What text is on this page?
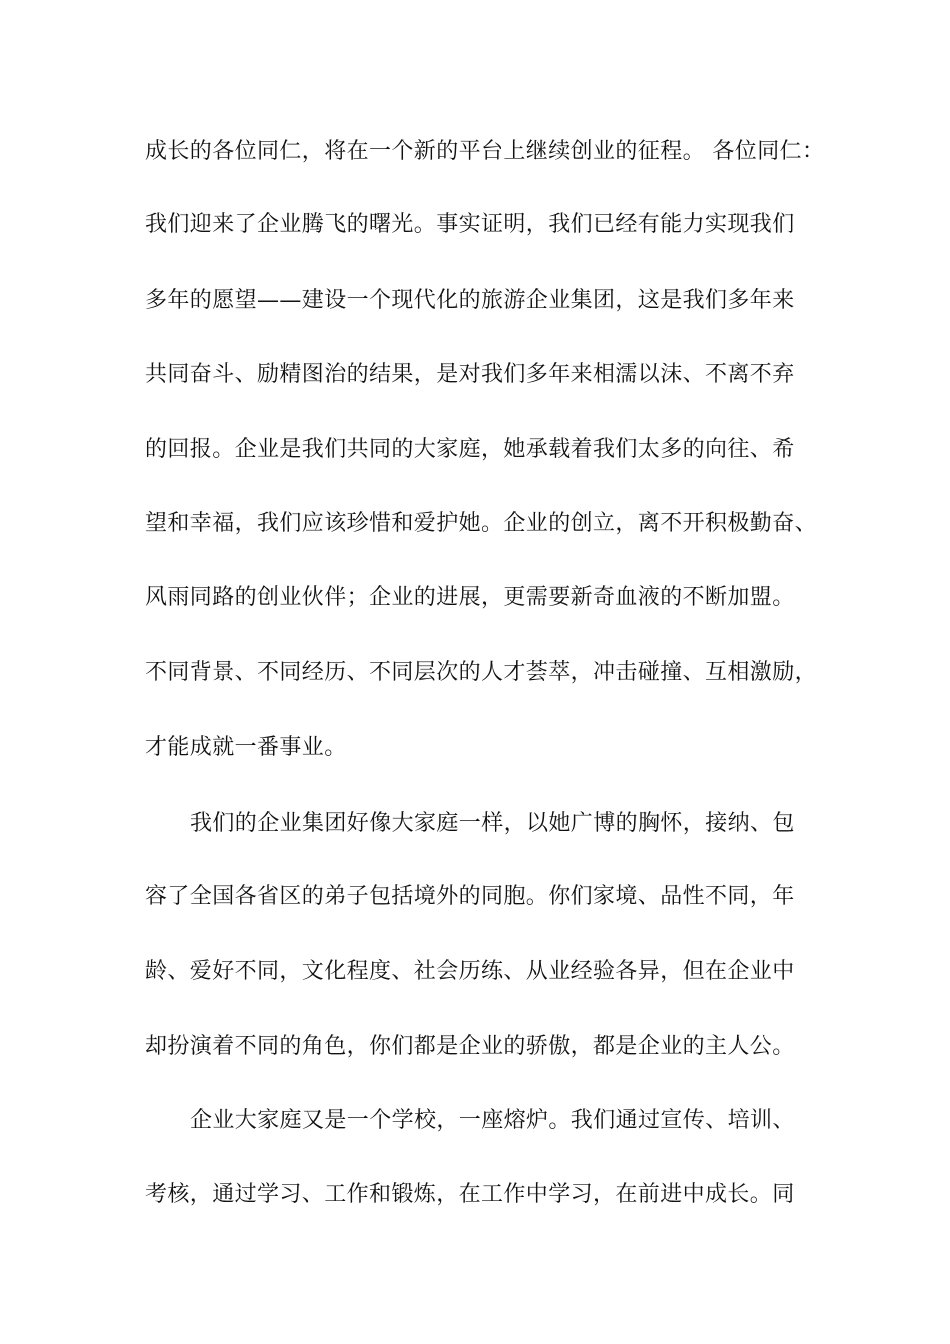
成长的各位同仁，将在一个新的平台上继续创业的征程。 各位同仁：
我们迎来了企业腾飞的曙光。事实证明，我们已经有能力实现我们
多年的愿望——建设一个现代化的旅游企业集团，这是我们多年来
共同奋斗、励精图治的结果，是对我们多年来相濡以沫、不离不弃
的回报。企业是我们共同的大家庭，她承载着我们太多的向往、希
望和幸福，我们应该珍惜和爱护她。企业的创立，离不开积极勤奋、
风雨同路的创业伙伴；企业的进展，更需要新奇血液的不断加盟。
不同背景、不同经历、不同层次的人才荟萃，冲击碰撞、互相激励，
才能成就一番事业。
我们的企业集团好像大家庭一样，以她广博的胸怀，接纳、包
容了全国各省区的弟子包括境外的同胞。你们家境、品性不同，年
龄、爱好不同，文化程度、社会历练、从业经验各异，但在企业中
却扮演着不同的角色，你们都是企业的骄傲，都是企业的主人公。
企业大家庭又是一个学校，一座熔炉。我们通过宣传、培训、
考核，通过学习、工作和锻炼，在工作中学习，在前进中成长。同
